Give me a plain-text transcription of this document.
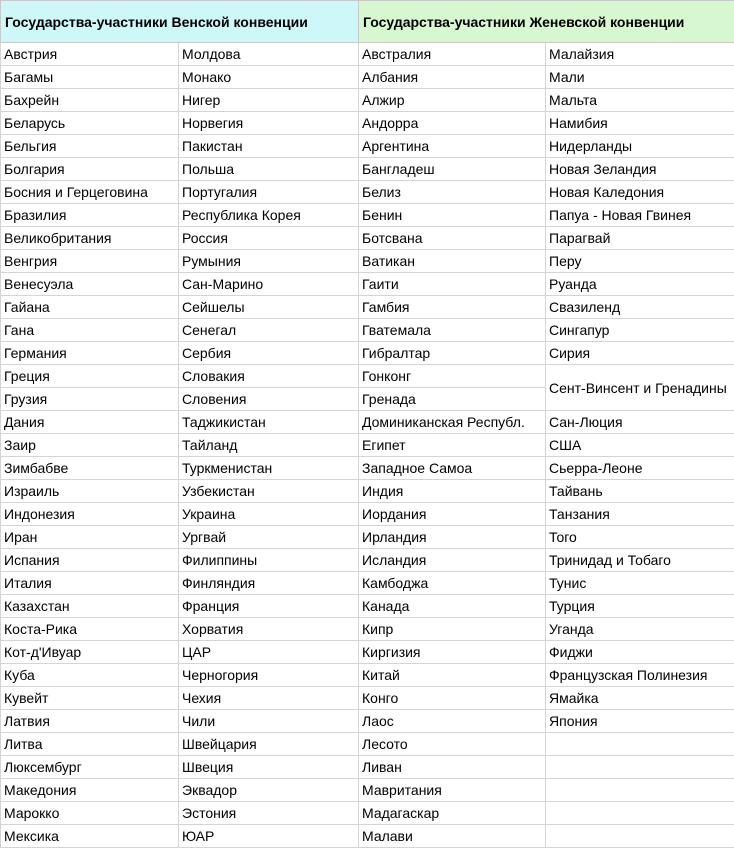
Государства-участники Венской конвенции		Государства-участники Женевской конвенции	
Австрия	Молдова	Австралия	Малайзия
Багамы	Монако	Албания	Мали
Бахрейн	Нигер	Алжир	Мальта
Беларусь	Норвегия	Андорра	Намибия
Бельгия	Пакистан	Аргентина	Нидерланды
Болгария	Польша	Бангладеш	Новая Зеландия
Босния и Герцеговина	Португалия	Белиз	Новая Каледония
Бразилия	Республика Корея	Бенин	Папуа - Новая Гвинея
Великобритания	Россия	Ботсвана	Парагвай
Венгрия	Румыния	Ватикан	Перу
Венесуэла	Сан-Марино	Гаити	Руанда
Гайана	Сейшелы	Гамбия	Свазиленд
Гана	Сенегал	Гватемала	Сингапур
Германия	Сербия	Гибралтар	Сирия
Греция	Словакия	Гонконг	Сент-Винсент и Гренадины
Грузия	Словения	Гренада	
Дания	Таджикистан	Доминиканская Республ.	Сан-Люция
Заир	Тайланд	Египет	США
Зимбабве	Туркменистан	Западное Самоа	Сьерра-Леоне
Израиль	Узбекистан	Индия	Тайвань
Индонезия	Украина	Иордания	Танзания
Иран	Ургвай	Ирландия	Того
Испания	Филиппины	Исландия	Тринидад и Тобаго
Италия	Финляндия	Камбоджа	Тунис
Казахстан	Франция	Канада	Турция
Коста-Рика	Хорватия	Кипр	Уганда
Кот-д'Ивуар	ЦАР	Киргизия	Фиджи
Куба	Черногория	Китай	Французская Полинезия
Кувейт	Чехия	Конго	Ямайка
Латвия	Чили	Лаос	Япония
Литва	Швейцария	Лесото	
Люксембург	Швеция	Ливан	
Македония	Эквадор	Мавритания	
Марокко	Эстония	Мадагаскар	
Мексика	ЮАР	Малави	
